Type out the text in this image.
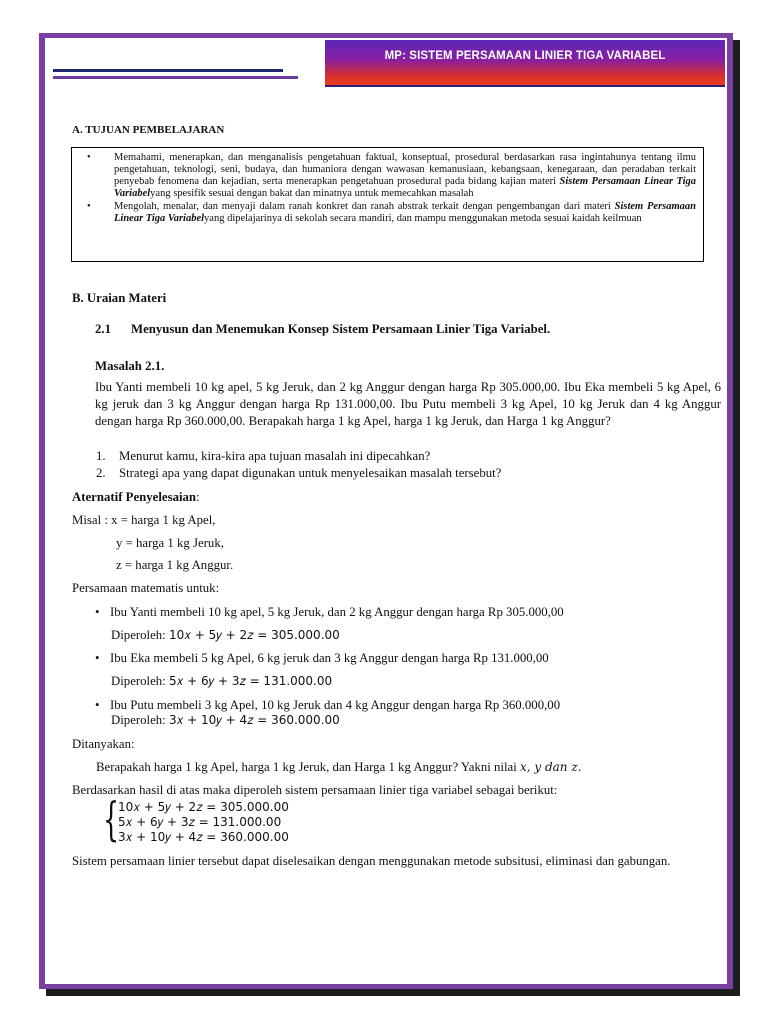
MP: SISTEM PERSAMAAN LINIER TIGA VARIABEL
A. TUJUAN PEMBELAJARAN
• Memahami, menerapkan, dan menganalisis pengetahuan faktual, konseptual, prosedural berdasarkan rasa ingintahunya tentang ilmu pengetahuan, teknologi, seni, budaya, dan humaniora dengan wawasan kemanusiaan, kebangsaan, kenegaraan, dan peradaban terkait penyebab fenomena dan kejadian, serta menerapkan pengetahuan prosedural pada bidang kajian materi Sistem Persamaan Linear Tiga Variabelyang spesifik sesuai dengan bakat dan minatnya untuk memecahkan masalah
• Mengolah, menalar, dan menyaji dalam ranah konkret dan ranah abstrak terkait dengan pengembangan dari materi Sistem Persamaan Linear Tiga Variabelyang dipelajarinya di sekolah secara mandiri, dan mampu menggunakan metoda sesuai kaidah keilmuan
B. Uraian Materi
2.1 Menyusun dan Menemukan Konsep Sistem Persamaan Linier Tiga Variabel.
Masalah 2.1.
Ibu Yanti membeli 10 kg apel, 5 kg Jeruk, dan 2 kg Anggur dengan harga Rp 305.000,00. Ibu Eka membeli 5 kg Apel, 6 kg jeruk dan 3 kg Anggur dengan harga Rp 131.000,00. Ibu Putu membeli 3 kg Apel, 10 kg Jeruk dan 4 kg Anggur dengan harga Rp 360.000,00. Berapakah harga 1 kg Apel, harga 1 kg Jeruk, dan Harga 1 kg Anggur?
1. Menurut kamu, kira-kira apa tujuan masalah ini dipecahkan?
2. Strategi apa yang dapat digunakan untuk menyelesaikan masalah tersebut?
Aternatif Penyelesaian:
Misal : x = harga 1 kg Apel,
y = harga 1 kg Jeruk,
z = harga 1 kg Anggur.
Persamaan matematis untuk:
• Ibu Yanti membeli 10 kg apel, 5 kg Jeruk, dan 2 kg Anggur dengan harga Rp 305.000,00
Diperoleh: 10𝑥 + 5𝑦 + 2𝑧 = 305.000.00
• Ibu Eka membeli 5 kg Apel, 6 kg jeruk dan 3 kg Anggur dengan harga Rp 131.000,00
Diperoleh: 5𝑥 + 6𝑦 + 3𝑧 = 131.000.00
• Ibu Putu membeli 3 kg Apel, 10 kg Jeruk dan 4 kg Anggur dengan harga Rp 360.000,00
Diperoleh: 3𝑥 + 10𝑦 + 4𝑧 = 360.000.00
Ditanyakan:
Berapakah harga 1 kg Apel, harga 1 kg Jeruk, dan Harga 1 kg Anggur? Yakni nilai 𝑥, 𝑦 𝑑𝑎𝑛 𝑧.
Berdasarkan hasil di atas maka diperoleh sistem persamaan linier tiga variabel sebagai berikut:
{
10𝑥 + 5𝑦 + 2𝑧 = 305.000.00
5𝑥 + 6𝑦 + 3𝑧 = 131.000.00
3𝑥 + 10𝑦 + 4𝑧 = 360.000.00
Sistem persamaan linier tersebut dapat diselesaikan dengan menggunakan metode subsitusi, eliminasi dan gabungan.
